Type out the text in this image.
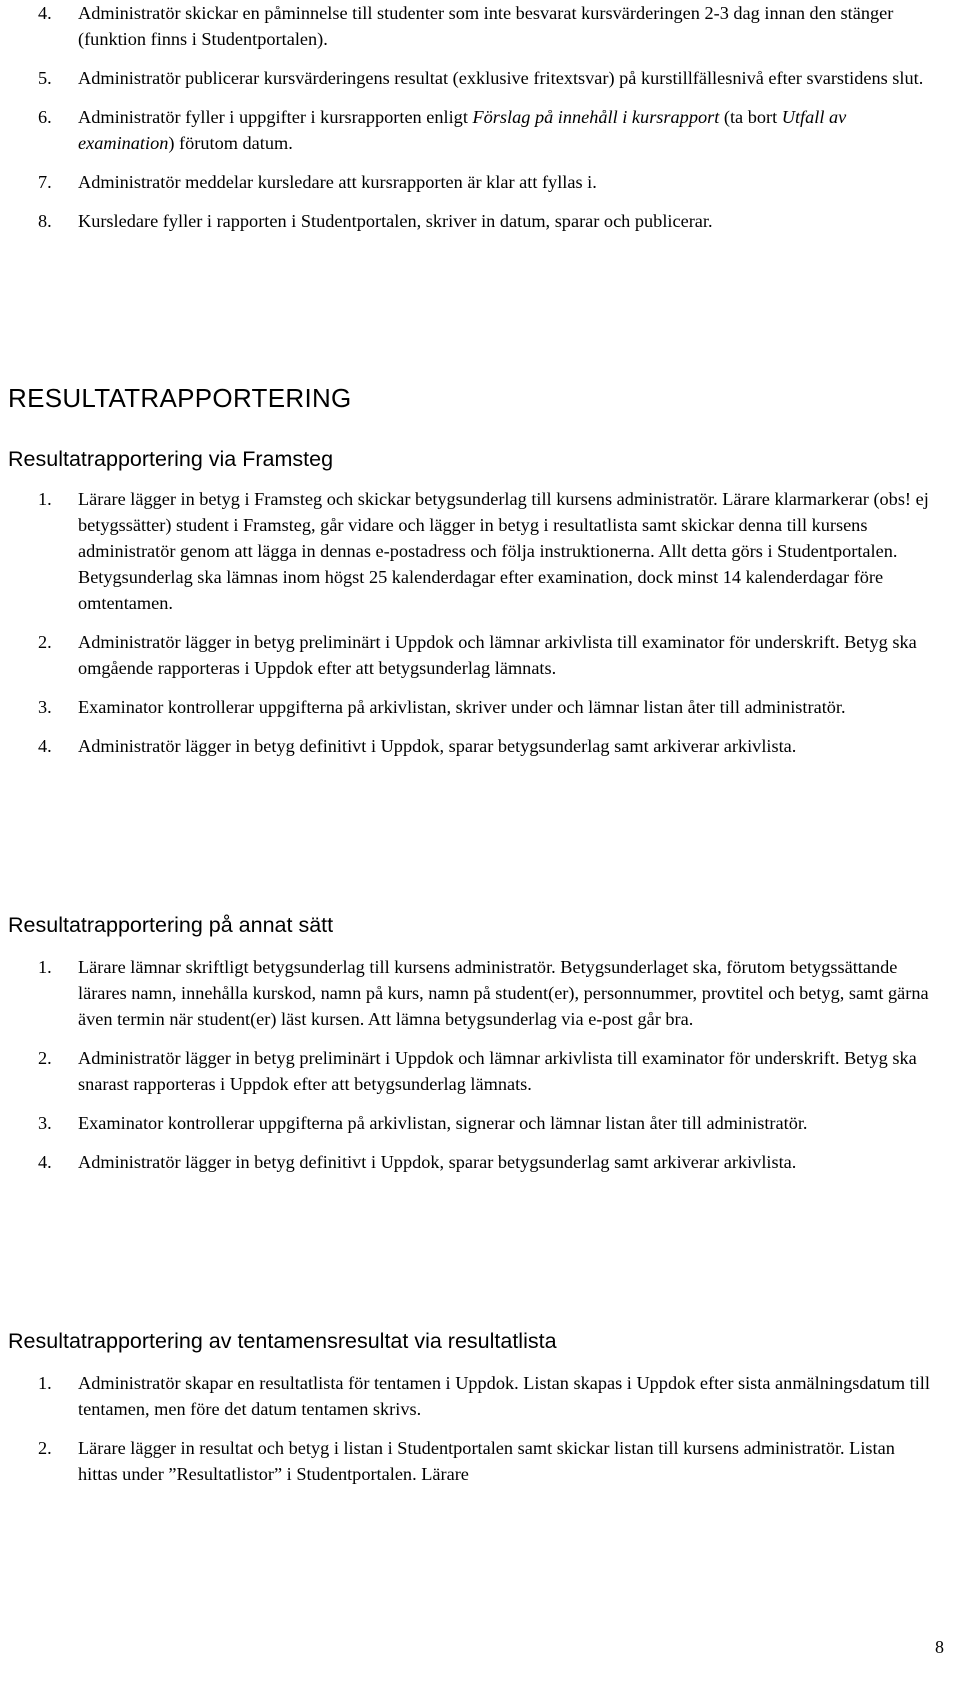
4. Administratör skickar en påminnelse till studenter som inte besvarat kursvärderingen 2-3 dag innan den stänger (funktion finns i Studentportalen).
5. Administratör publicerar kursvärderingens resultat (exklusive fritextsvar) på kurstillfällesnivå efter svarstidens slut.
6. Administratör fyller i uppgifter i kursrapporten enligt Förslag på innehåll i kursrapport (ta bort Utfall av examination) förutom datum.
7. Administratör meddelar kursledare att kursrapporten är klar att fyllas i.
8. Kursledare fyller i rapporten i Studentportalen, skriver in datum, sparar och publicerar.
RESULTATRAPPORTERING
Resultatrapportering via Framsteg
1. Lärare lägger in betyg i Framsteg och skickar betygsunderlag till kursens administratör. Lärare klarmarkerar (obs! ej betygssätter) student i Framsteg, går vidare och lägger in betyg i resultatlista samt skickar denna till kursens administratör genom att lägga in dennas e-postadress och följa instruktionerna. Allt detta görs i Studentportalen. Betygsunderlag ska lämnas inom högst 25 kalenderdagar efter examination, dock minst 14 kalenderdagar före omtentamen.
2. Administratör lägger in betyg preliminärt i Uppdok och lämnar arkivlista till examinator för underskrift. Betyg ska omgående rapporteras i Uppdok efter att betygsunderlag lämnats.
3. Examinator kontrollerar uppgifterna på arkivlistan, skriver under och lämnar listan åter till administratör.
4. Administratör lägger in betyg definitivt i Uppdok, sparar betygsunderlag samt arkiverar arkivlista.
Resultatrapportering på annat sätt
1. Lärare lämnar skriftligt betygsunderlag till kursens administratör. Betygsunderlaget ska, förutom betygssättande lärares namn, innehålla kurskod, namn på kurs, namn på student(er), personnummer, provtitel och betyg, samt gärna även termin när student(er) läst kursen. Att lämna betygsunderlag via e-post går bra.
2. Administratör lägger in betyg preliminärt i Uppdok och lämnar arkivlista till examinator för underskrift. Betyg ska snarast rapporteras i Uppdok efter att betygsunderlag lämnats.
3. Examinator kontrollerar uppgifterna på arkivlistan, signerar och lämnar listan åter till administratör.
4. Administratör lägger in betyg definitivt i Uppdok, sparar betygsunderlag samt arkiverar arkivlista.
Resultatrapportering av tentamensresultat via resultatlista
1. Administratör skapar en resultatlista för tentamen i Uppdok. Listan skapas i Uppdok efter sista anmälningsdatum till tentamen, men före det datum tentamen skrivs.
2. Lärare lägger in resultat och betyg i listan i Studentportalen samt skickar listan till kursens administratör. Listan hittas under ”Resultatlistor” i Studentportalen. Lärare
8
